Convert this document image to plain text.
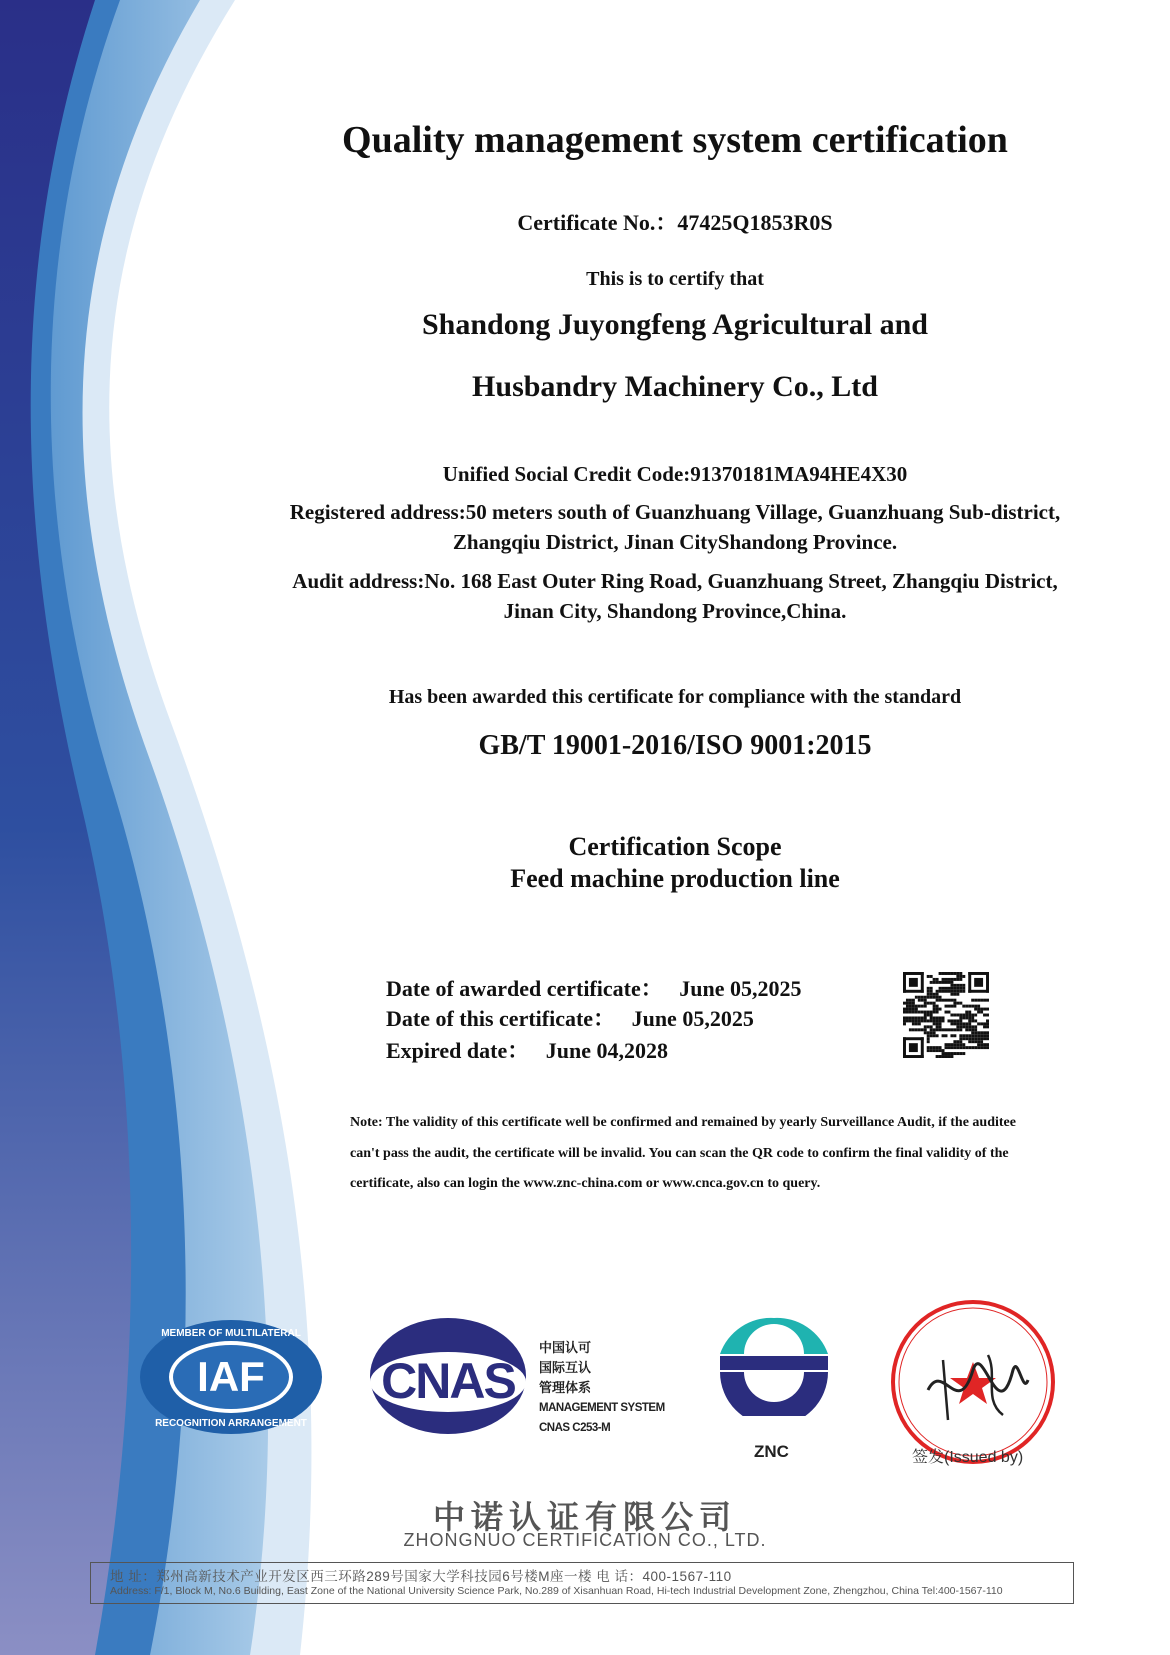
Quality management system certification
Certificate No.：47425Q1853R0S
This is to certify that
Shandong Juyongfeng Agricultural and
Husbandry Machinery Co., Ltd
Unified Social Credit Code:91370181MA94HE4X30
Registered address:50 meters south of Guanzhuang Village, Guanzhuang Sub-district, Zhangqiu District, Jinan CityShandong Province.
Audit address:No. 168 East Outer Ring Road, Guanzhuang Street, Zhangqiu District, Jinan City, Shandong Province,China.
Has been awarded this certificate for compliance with the standard
GB/T 19001-2016/ISO 9001:2015
Certification Scope
Feed machine production line
Date of awarded certificate： June 05,2025
Date of this certificate： June 05,2025
Expired date： June 04,2028
Note: The validity of this certificate well be confirmed and remained by yearly Surveillance Audit, if the auditee can't pass the audit, the certificate will be invalid. You can scan the QR code to confirm the final validity of the certificate, also can login the www.znc-china.com or www.cnca.gov.cn to query.
IAF
MEMBER OF MULTILATERAL
RECOGNITION ARRANGEMENT
CNAS
中国认可
国际互认
管理体系
MANAGEMENT SYSTEM
CNAS C253-M
ZNC	签发(Issued by)
中诺认证有限公司
ZHONGNUO CERTIFICATION CO., LTD.
地 址：郑州高新技术产业开发区西三环路289号国家大学科技园6号楼M座一楼 电 话：400-1567-110
Address: F/1, Block M, No.6 Building, East Zone of the National University Science Park, No.289 of Xisanhuan Road, Hi-tech Industrial Development Zone, Zhengzhou, China Tel:400-1567-110
